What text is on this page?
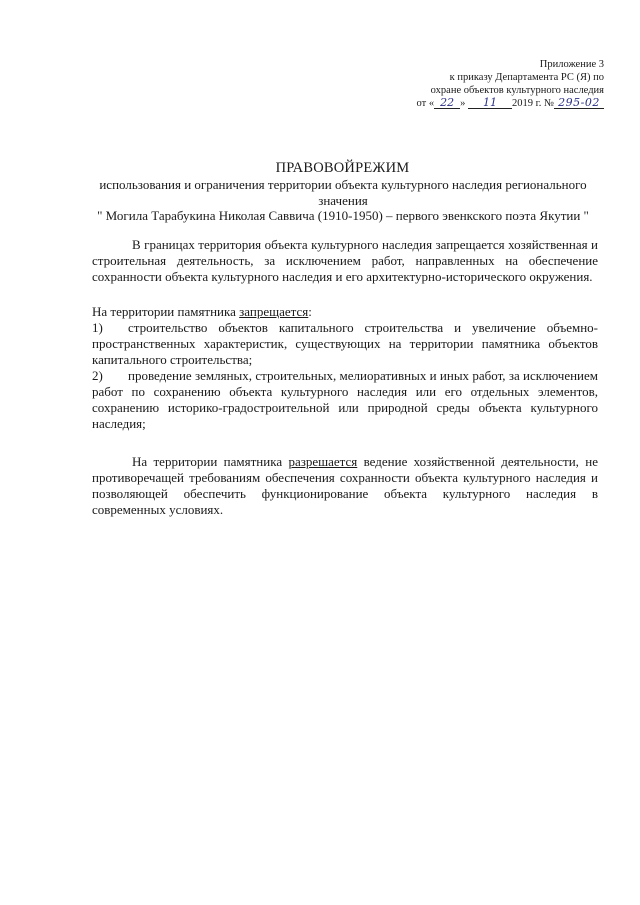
Приложение 3
к приказу Департамента РС (Я) по
охране объектов культурного наследия
от « 22 » 11 2019 г. № 295-02
ПРАВОВОЙРЕЖИМ
использования и ограничения территории объекта культурного наследия регионального
значения
" Могила Тарабукина Николая Саввича (1910-1950) – первого эвенкского поэта Якутии "

В границах территория объекта культурного наследия запрещается хозяйственная и строительная деятельность, за исключением работ, направленных на обеспечение сохранности объекта культурного наследия и его архитектурно-исторического окружения.

На территории памятника запрещается:

1) строительство объектов капитального строительства и увеличение объемно-пространственных характеристик, существующих на территории памятника объектов капитального строительства;

2) проведение земляных, строительных, мелиоративных и иных работ, за исключением работ по сохранению объекта культурного наследия или его отдельных элементов, сохранению историко-градостроительной или природной среды объекта культурного наследия;

На территории памятника разрешается ведение хозяйственной деятельности, не противоречащей требованиям обеспечения сохранности объекта культурного наследия и позволяющей обеспечить функционирование объекта культурного наследия в современных условиях.
